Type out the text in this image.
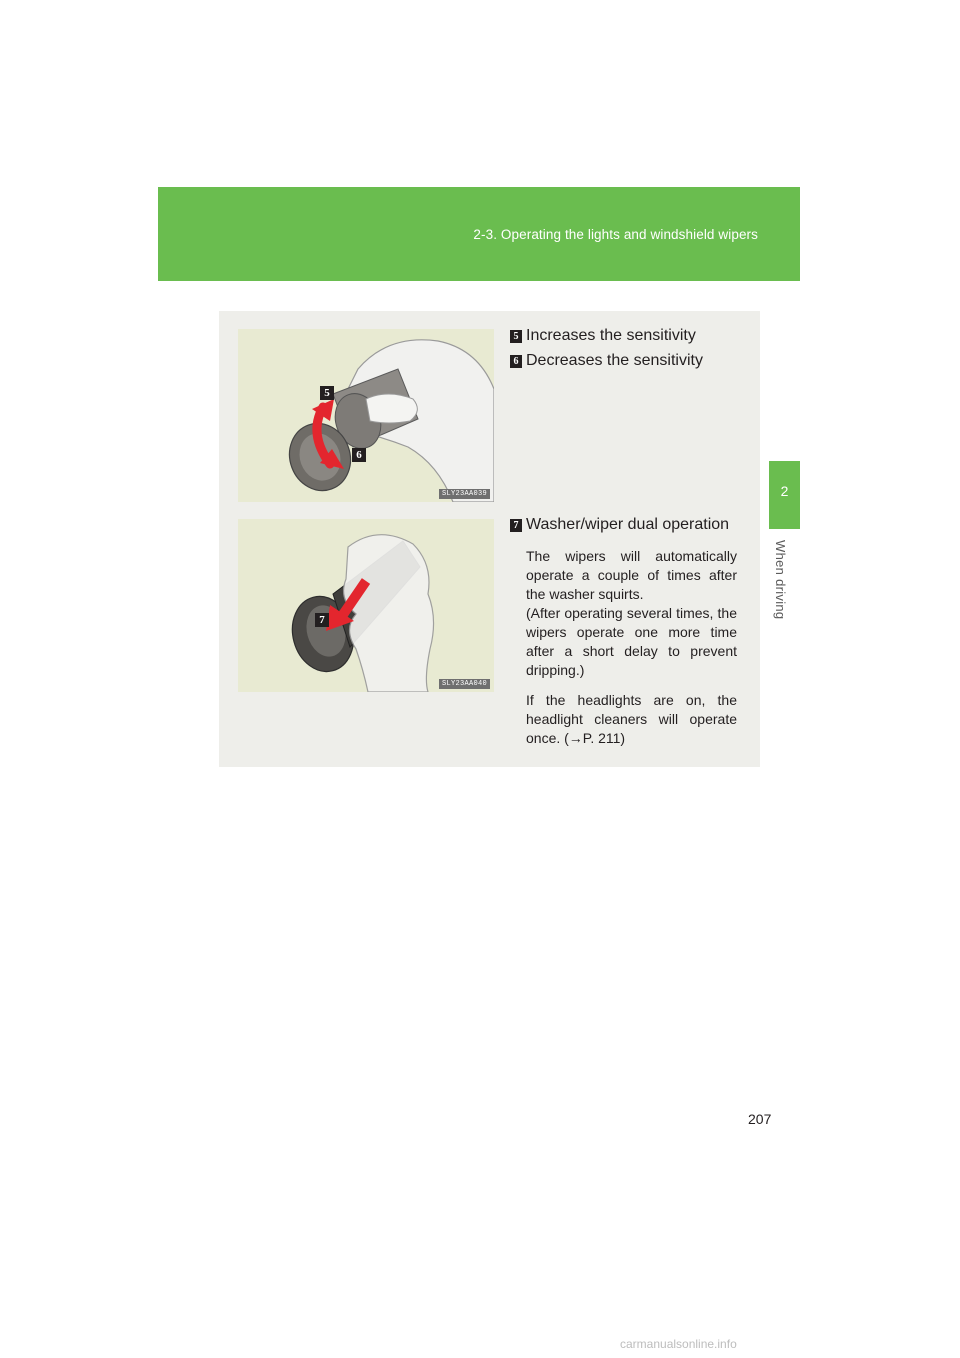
2-3. Operating the lights and windshield wipers
2
When driving
5
6
SLY23AA039
7
SLY23AA040
5 Increases the sensitivity
6 Decreases the sensitivity
7 Washer/wiper dual operation
The wipers will automatically operate a couple of times after the washer squirts.
(After operating several times, the wipers operate one more time after a short delay to prevent dripping.)
If the headlights are on, the headlight cleaners will operate once. (→P. 211)
207
carmanualsonline.info
